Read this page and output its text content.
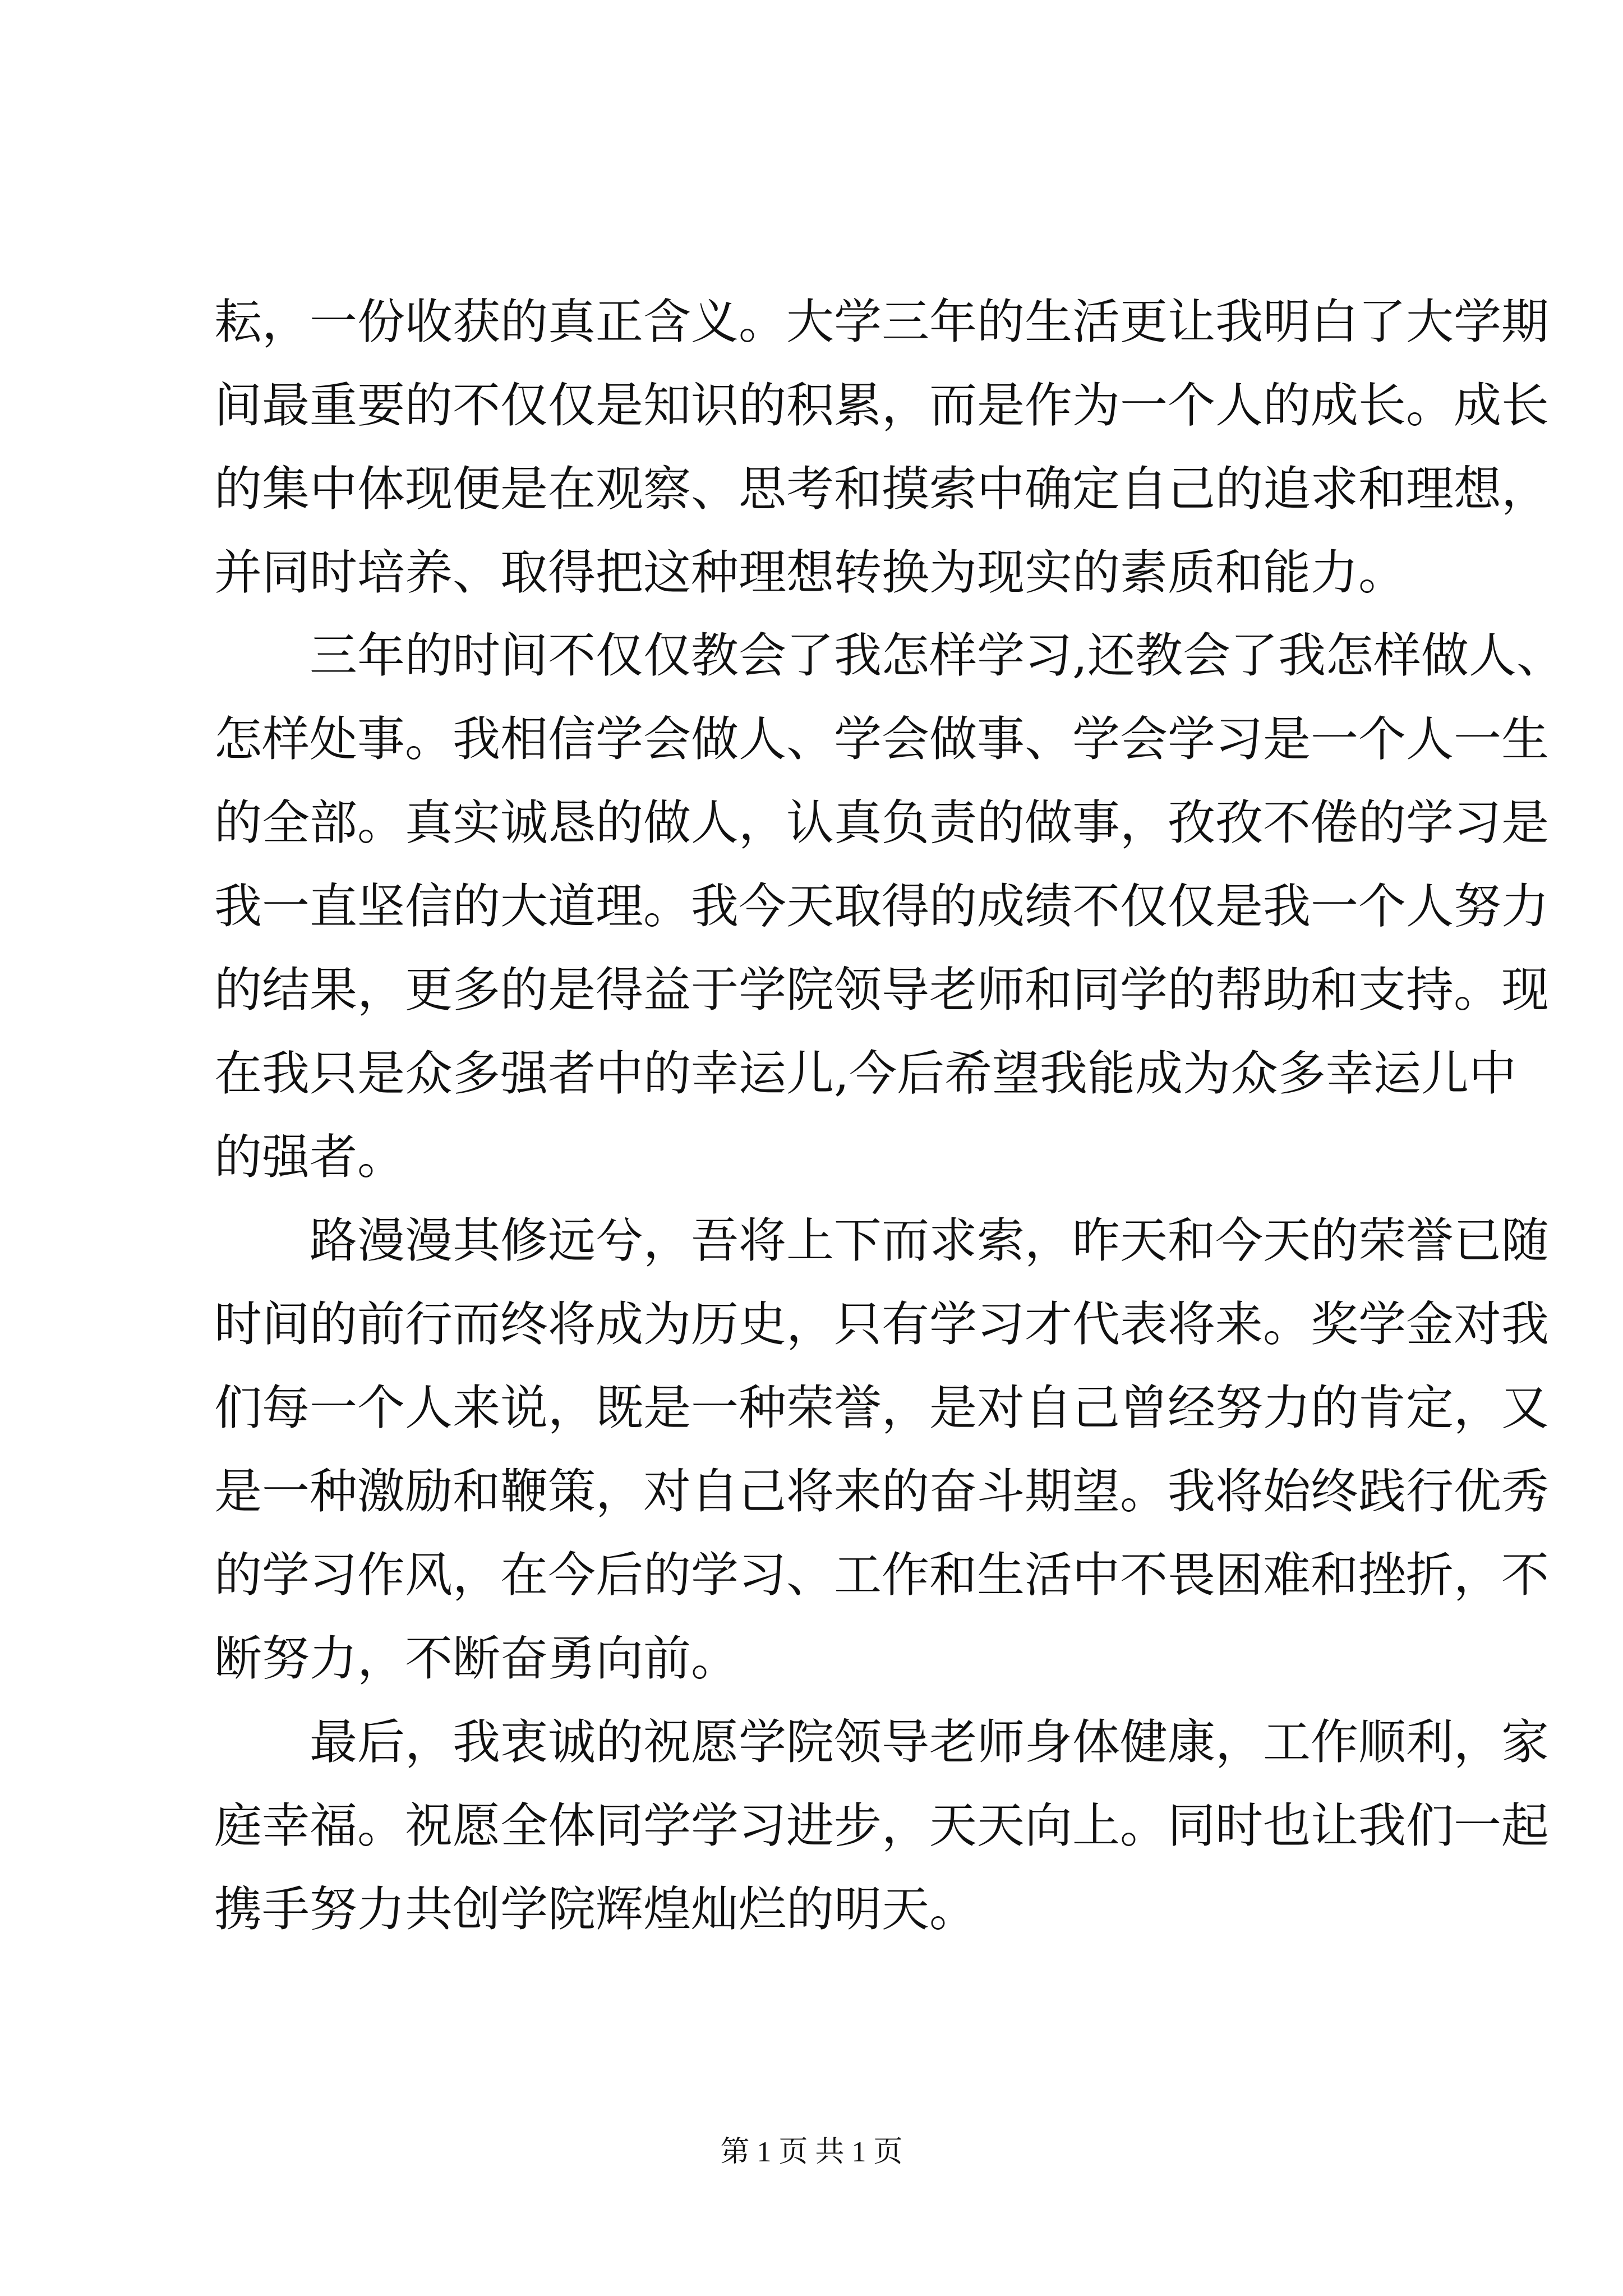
耘，一份收获的真正含义。大学三年的生活更让我明白了大学期
间最重要的不仅仅是知识的积累，而是作为一个人的成长。成长
的集中体现便是在观察、思考和摸索中确定自己的追求和理想，
并同时培养、取得把这种理想转换为现实的素质和能力。
三年的时间不仅仅教会了我怎样学习,还教会了我怎样做人、
怎样处事。我相信学会做人、学会做事、学会学习是一个人一生
的全部。真实诚恳的做人，认真负责的做事，孜孜不倦的学习是
我一直坚信的大道理。我今天取得的成绩不仅仅是我一个人努力
的结果，更多的是得益于学院领导老师和同学的帮助和支持。现
在我只是众多强者中的幸运儿,今后希望我能成为众多幸运儿中
的强者。
路漫漫其修远兮，吾将上下而求索，昨天和今天的荣誉已随
时间的前行而终将成为历史，只有学习才代表将来。奖学金对我
们每一个人来说，既是一种荣誉，是对自己曾经努力的肯定，又
是一种激励和鞭策，对自己将来的奋斗期望。我将始终践行优秀
的学习作风，在今后的学习、工作和生活中不畏困难和挫折，不
断努力，不断奋勇向前。
最后，我衷诚的祝愿学院领导老师身体健康，工作顺利，家
庭幸福。祝愿全体同学学习进步，天天向上。同时也让我们一起
携手努力共创学院辉煌灿烂的明天。
第 1 页 共 1 页
